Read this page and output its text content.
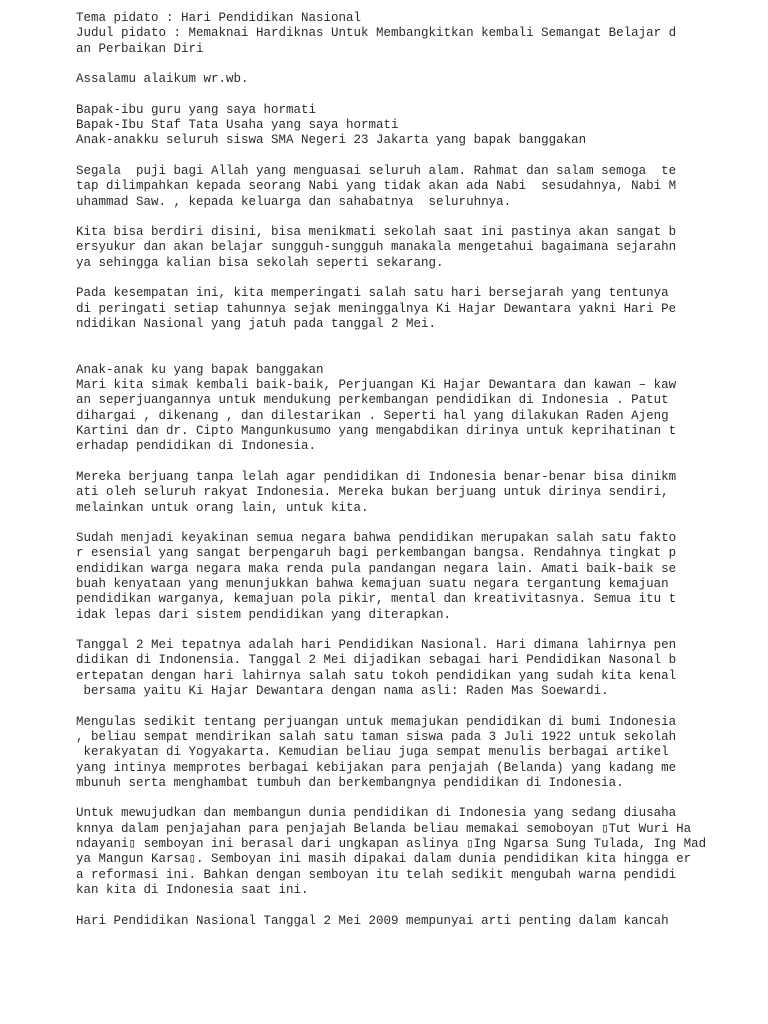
Tema pidato : Hari Pendidikan Nasional
Judul pidato : Memaknai Hardiknas Untuk Membangkitkan kembali Semangat Belajar d
an Perbaikan Diri
Assalamu alaikum wr.wb.
Bapak-ibu guru yang saya hormati
Bapak-Ibu Staf Tata Usaha yang saya hormati
Anak-anakku seluruh siswa SMA Negeri 23 Jakarta yang bapak banggakan
Segala  puji bagi Allah yang menguasai seluruh alam. Rahmat dan salam semoga  te
tap dilimpahkan kepada seorang Nabi yang tidak akan ada Nabi  sesudahnya, Nabi M
uhammad Saw. , kepada keluarga dan sahabatnya  seluruhnya.
Kita bisa berdiri disini, bisa menikmati sekolah saat ini pastinya akan sangat b
ersyukur dan akan belajar sungguh-sungguh manakala mengetahui bagaimana sejarahn
ya sehingga kalian bisa sekolah seperti sekarang.
Pada kesempatan ini, kita memperingati salah satu hari bersejarah yang tentunya
di peringati setiap tahunnya sejak meninggalnya Ki Hajar Dewantara yakni Hari Pe
ndidikan Nasional yang jatuh pada tanggal 2 Mei.
Anak-anak ku yang bapak banggakan
Mari kita simak kembali baik-baik, Perjuangan Ki Hajar Dewantara dan kawan – kaw
an seperjuangannya untuk mendukung perkembangan pendidikan di Indonesia . Patut
dihargai , dikenang , dan dilestarikan . Seperti hal yang dilakukan Raden Ajeng
Kartini dan dr. Cipto Mangunkusumo yang mengabdikan dirinya untuk keprihatinan t
erhadap pendidikan di Indonesia.
Mereka berjuang tanpa lelah agar pendidikan di Indonesia benar-benar bisa dinikm
ati oleh seluruh rakyat Indonesia. Mereka bukan berjuang untuk dirinya sendiri,
melainkan untuk orang lain, untuk kita.
Sudah menjadi keyakinan semua negara bahwa pendidikan merupakan salah satu fakto
r esensial yang sangat berpengaruh bagi perkembangan bangsa. Rendahnya tingkat p
endidikan warga negara maka renda pula pandangan negara lain. Amati baik-baik se
buah kenyataan yang menunjukkan bahwa kemajuan suatu negara tergantung kemajuan
pendidikan warganya, kemajuan pola pikir, mental dan kreativitasnya. Semua itu t
idak lepas dari sistem pendidikan yang diterapkan.
Tanggal 2 Mei tepatnya adalah hari Pendidikan Nasional. Hari dimana lahirnya pen
didikan di Indonensia. Tanggal 2 Mei dijadikan sebagai hari Pendidikan Nasonal b
ertepatan dengan hari lahirnya salah satu tokoh pendidikan yang sudah kita kenal
bersama yaitu Ki Hajar Dewantara dengan nama asli: Raden Mas Soewardi.
Mengulas sedikit tentang perjuangan untuk memajukan pendidikan di bumi Indonesia
, beliau sempat mendirikan salah satu taman siswa pada 3 Juli 1922 untuk sekolah
kerakyatan di Yogyakarta. Kemudian beliau juga sempat menulis berbagai artikel
yang intinya memprotes berbagai kebijakan para penjajah (Belanda) yang kadang me
mbunuh serta menghambat tumbuh dan berkembangnya pendidikan di Indonesia.
Untuk mewujudkan dan membangun dunia pendidikan di Indonesia yang sedang diusaha
knnya dalam penjajahan para penjajah Belanda beliau memakai semoboyan ▯Tut Wuri Ha
ndayani▯ semboyan ini berasal dari ungkapan aslinya ▯Ing Ngarsa Sung Tulada, Ing Mad
ya Mangun Karsa▯. Semboyan ini masih dipakai dalam dunia pendidikan kita hingga er
a reformasi ini. Bahkan dengan semboyan itu telah sedikit mengubah warna pendidi
kan kita di Indonesia saat ini.
Hari Pendidikan Nasional Tanggal 2 Mei 2009 mempunyai arti penting dalam kancah
